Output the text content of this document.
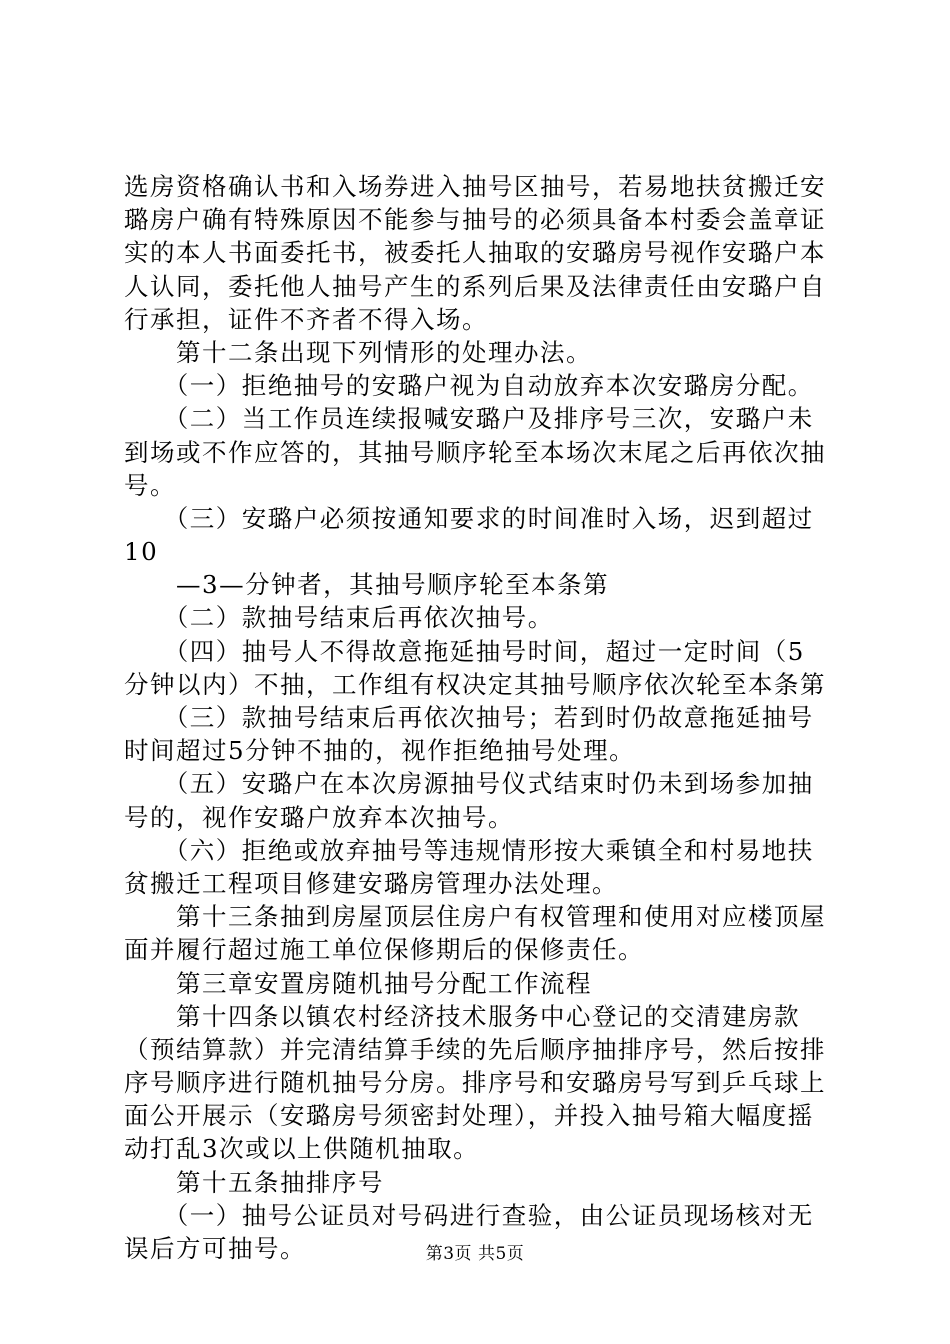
选房资格确认书和入场券进入抽号区抽号，若易地扶贫搬迁安
璐房户确有特殊原因不能参与抽号的必须具备本村委会盖章证
实的本人书面委托书，被委托人抽取的安璐房号视作安璐户本
人认同，委托他人抽号产生的系列后果及法律责任由安璐户自
行承担，证件不齐者不得入场。
　　第十二条出现下列情形的处理办法。
　　（一）拒绝抽号的安璐户视为自动放弃本次安璐房分配。
　　（二）当工作员连续报喊安璐户及排序号三次，安璐户未
到场或不作应答的，其抽号顺序轮至本场次末尾之后再依次抽
号。
　　（三）安璐户必须按通知要求的时间准时入场，迟到超过
10
　　—3—分钟者，其抽号顺序轮至本条第
　　（二）款抽号结束后再依次抽号。
　　（四）抽号人不得故意拖延抽号时间，超过一定时间（5
分钟以内）不抽，工作组有权决定其抽号顺序依次轮至本条第
　　（三）款抽号结束后再依次抽号；若到时仍故意拖延抽号
时间超过5分钟不抽的，视作拒绝抽号处理。
　　（五）安璐户在本次房源抽号仪式结束时仍未到场参加抽
号的，视作安璐户放弃本次抽号。
　　（六）拒绝或放弃抽号等违规情形按大乘镇全和村易地扶
贫搬迁工程项目修建安璐房管理办法处理。
　　第十三条抽到房屋顶层住房户有权管理和使用对应楼顶屋
面并履行超过施工单位保修期后的保修责任。
　　第三章安置房随机抽号分配工作流程
　　第十四条以镇农村经济技术服务中心登记的交清建房款
（预结算款）并完清结算手续的先后顺序抽排序号，然后按排
序号顺序进行随机抽号分房。排序号和安璐房号写到乒乓球上
面公开展示（安璐房号须密封处理），并投入抽号箱大幅度摇
动打乱3次或以上供随机抽取。
　　第十五条抽排序号
　　（一）抽号公证员对号码进行查验，由公证员现场核对无
误后方可抽号。	第3页 共5页
